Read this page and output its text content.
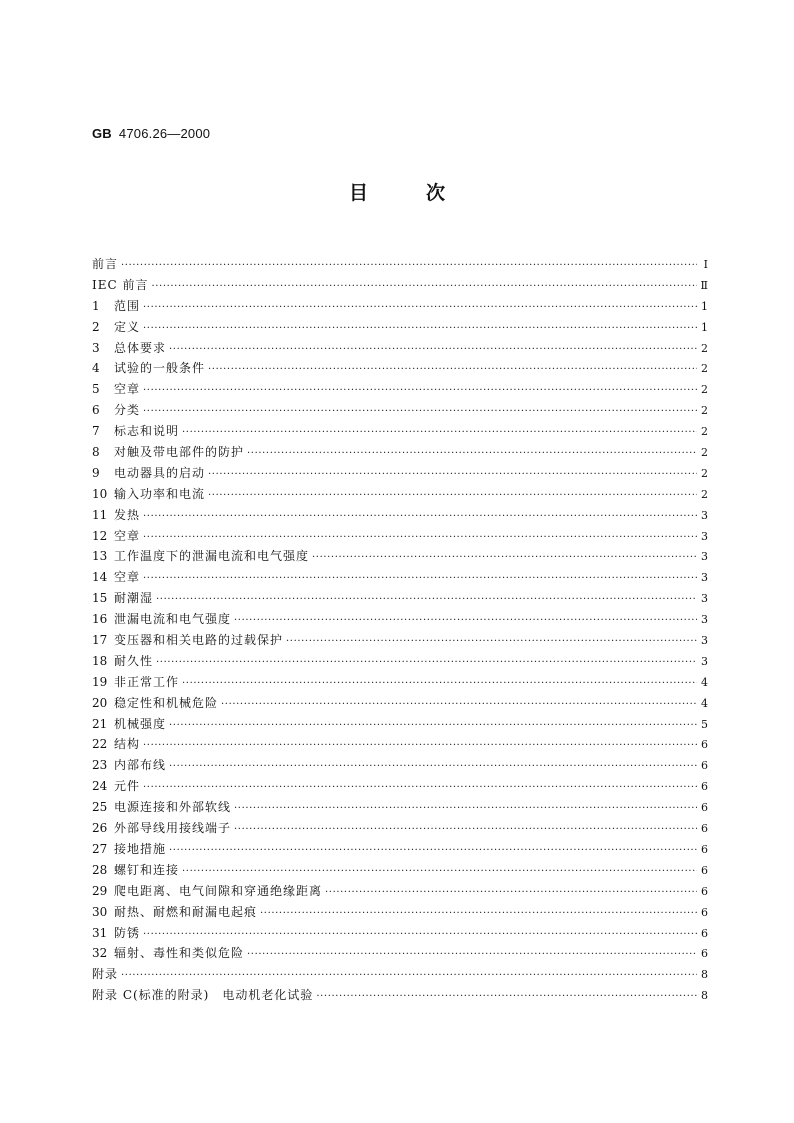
GB 4706.26—2000
目次
前言 ·····	I
IEC 前言 ·····	Ⅱ
1	范围 ·····	1
2	定义 ·····	1
3	总体要求 ·····	2
4	试验的一般条件 ·····	2
5	空章 ·····	2
6	分类 ·····	2
7	标志和说明 ·····	2
8	对触及带电部件的防护 ·····	2
9	电动器具的启动 ·····	2
10 输入功率和电流 ·····	2
11 发热 ·····	3
12 空章 ·····	3
13 工作温度下的泄漏电流和电气强度 ·····	3
14 空章 ·····	3
15 耐潮湿 ·····	3
16 泄漏电流和电气强度 ·····	3
17 变压器和相关电路的过载保护 ·····	3
18 耐久性 ·····	3
19 非正常工作 ·····	4
20 稳定性和机械危险 ·····	4
21 机械强度 ·····	5
22 结构 ·····	6
23 内部布线 ·····	6
24 元件 ·····	6
25 电源连接和外部软线 ·····	6
26 外部导线用接线端子 ·····	6
27 接地措施 ·····	6
28 螺钉和连接 ·····	6
29 爬电距离、电气间隙和穿通绝缘距离 ·····	6
30 耐热、耐燃和耐漏电起痕 ·····	6
31 防锈 ·····	6
32 辐射、毒性和类似危险 ·····	6
附录 ·····	8
附录 C(标准的附录)　电动机老化试验 ·····	8
